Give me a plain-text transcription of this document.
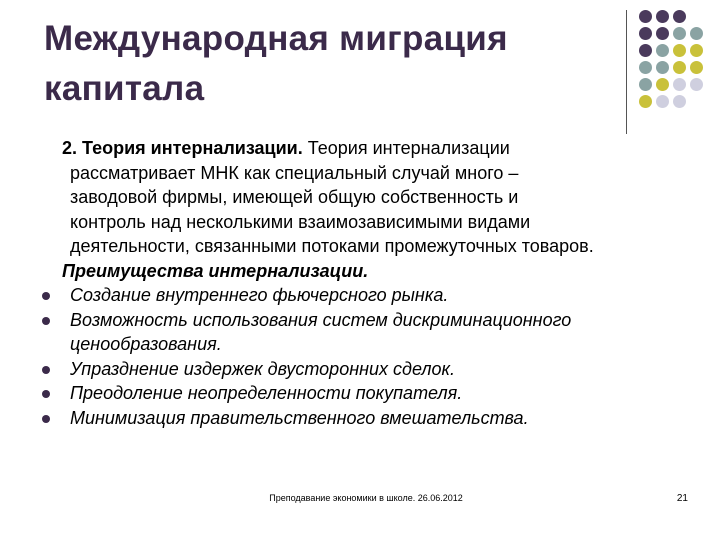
Международная миграция
капитала
2. Теория интернализации. Теория интернализации
рассматривает МНК как специальный случай много –
заводовой фирмы, имеющей общую собственность и
контроль над несколькими взаимозависимыми видами
деятельности, связанными потоками промежуточных товаров.
Преимущества интернализации.
Создание внутреннего фьючерсного рынка.
Возможность использования систем дискриминационного ценообразования.
Упразднение издержек двусторонних сделок.
Преодоление неопределенности покупателя.
Минимизация правительственного вмешательства.
Преподавание экономики в школе. 26.06.2012	21
